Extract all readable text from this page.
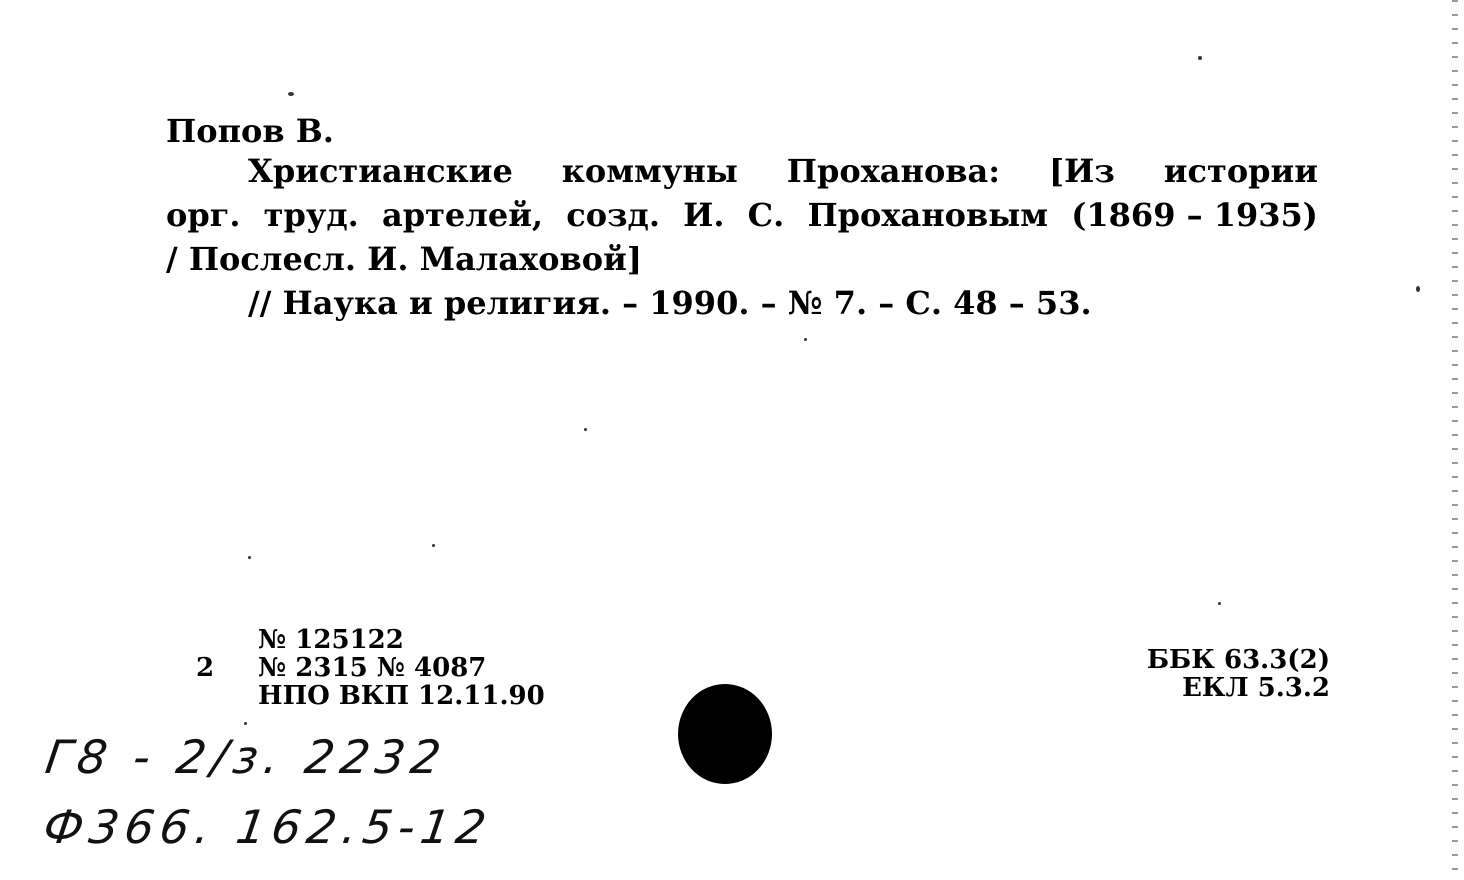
Попов В.
Христианские коммуны Проханова: [Из истории
орг. труд. артелей, созд. И. С. Прохановым (1869 – 1935)
/ Послесл. И. Малаховой]
// Наука и религия. – 1990. – № 7. – С. 48 – 53.
№ 125122
2	№ 2315 № 4087
НПО ВКП 12.11.90
ББК 63.3(2)
ЕКЛ 5.3.2
Г8 - 2/з. 2232
Ф366. 162.5-12
